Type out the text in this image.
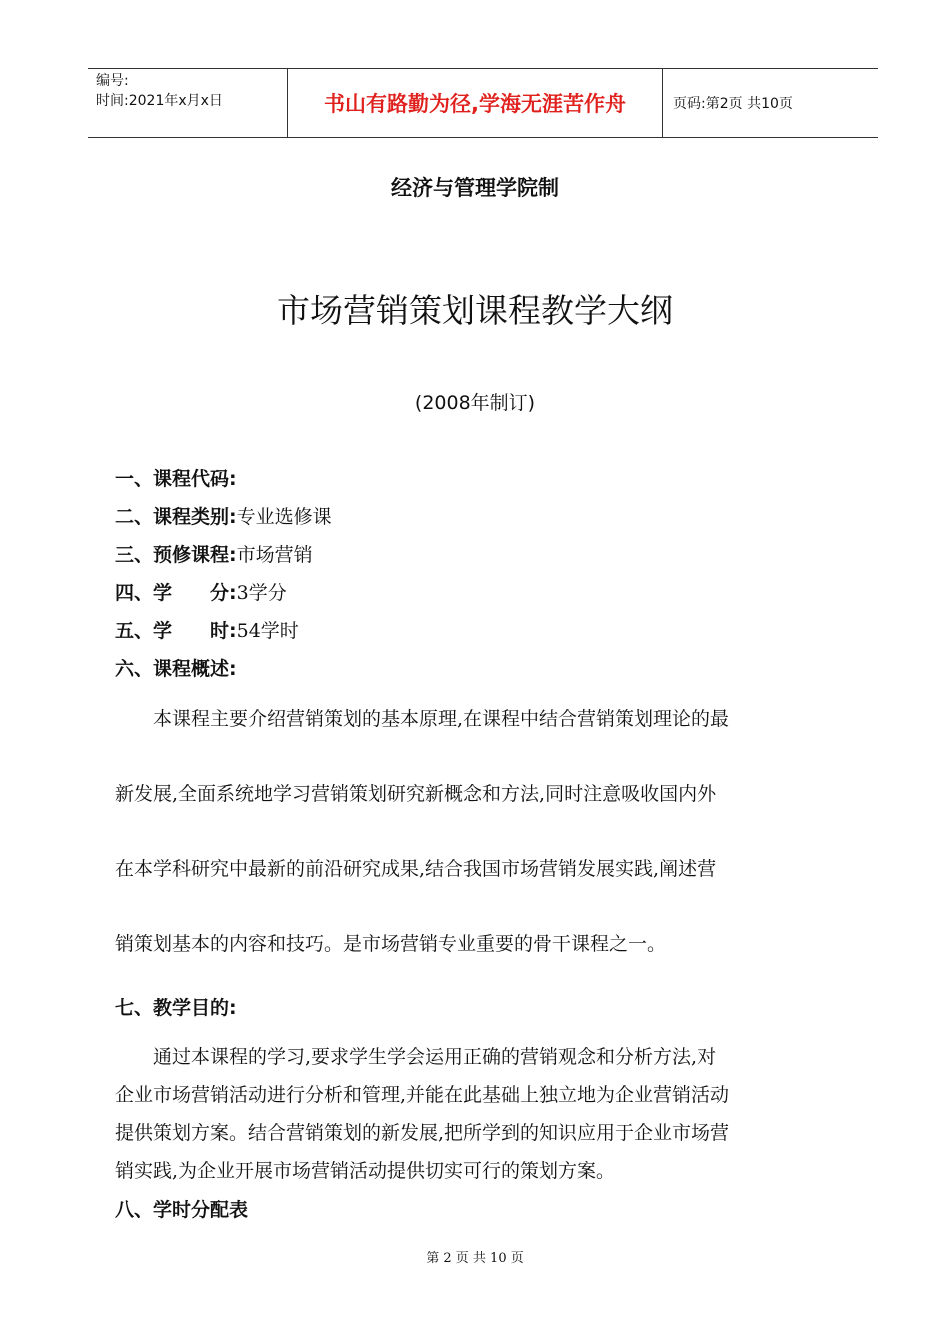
编号:
时间:2021年x月x日	书山有路勤为径,学海无涯苦作舟	页码:第2页 共10页
经济与管理学院制
市场营销策划课程教学大纲
(2008年制订)
一、课程代码:
二、课程类别:专业选修课
三、预修课程:市场营销
四、学　　分:3学分
五、学　　时:54学时
六、课程概述:
　　本课程主要介绍营销策划的基本原理,在课程中结合营销策划理论的最
新发展,全面系统地学习营销策划研究新概念和方法,同时注意吸收国内外
在本学科研究中最新的前沿研究成果,结合我国市场营销发展实践,阐述营
销策划基本的内容和技巧。是市场营销专业重要的骨干课程之一。
七、教学目的:
　　通过本课程的学习,要求学生学会运用正确的营销观念和分析方法,对
企业市场营销活动进行分析和管理,并能在此基础上独立地为企业营销活动
提供策划方案。结合营销策划的新发展,把所学到的知识应用于企业市场营
销实践,为企业开展市场营销活动提供切实可行的策划方案。
八、学时分配表
第 2 页 共 10 页
